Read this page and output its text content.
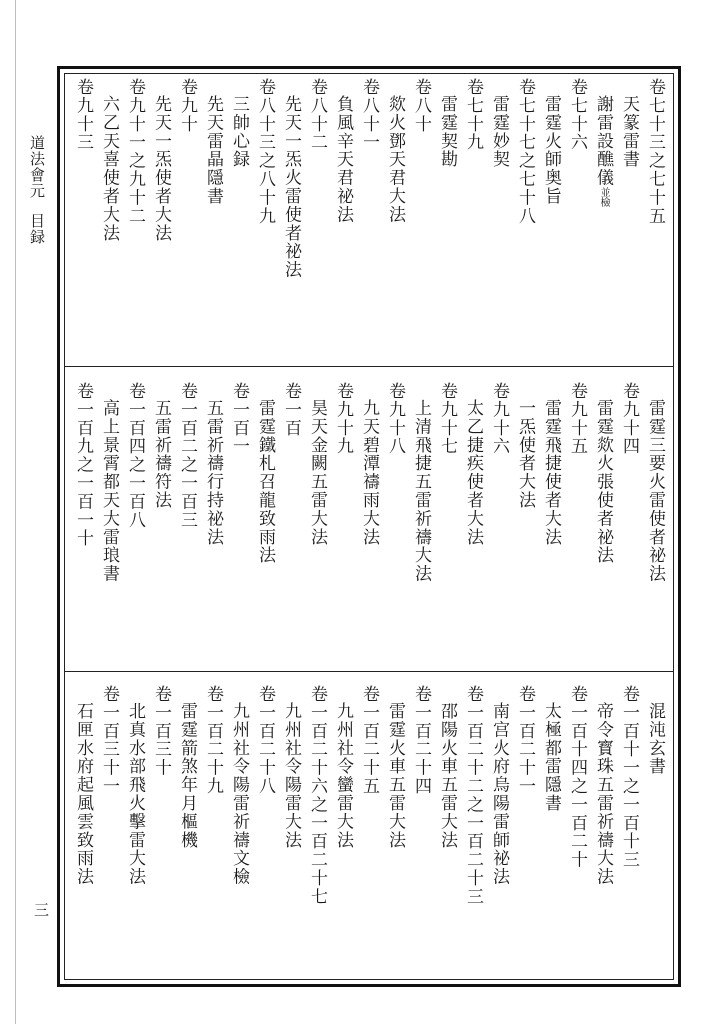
道法會元目録
三
卷七十三之七十五
天篆雷書
謝雷設醮儀並檢
卷七十六
雷霆火師奥旨
卷七十七之七十八
雷霆妙契
卷七十九
雷霆契勘
卷八十
欻火鄧天君大法
卷八十一
負風辛天君祕法
卷八十二
先天一炁火雷使者祕法
卷八十三之八十九
三帥心録
先天雷晶隱書
卷九十
先天一炁使者大法
卷九十一之九十二
六乙天喜使者大法
卷九十三
雷霆三要火雷使者祕法
卷九十四
雷霆欻火張使者祕法
卷九十五
雷霆飛捷使者大法
一炁使者大法
卷九十六
太乙捷疾使者大法
卷九十七
上清飛捷五雷祈禱大法
卷九十八
九天碧潭禱雨大法
卷九十九
昊天金闕五雷大法
卷一百
雷霆鐵札召龍致雨法
卷一百一
五雷祈禱行持祕法
卷一百二之一百三
五雷祈禱符法
卷一百四之一百八
高上景霄都天大雷琅書
卷一百九之一百一十
混沌玄書
卷一百十一之一百十三
帝令寳珠五雷祈禱大法
卷一百十四之一百二十
太極都雷隱書
卷一百二十一
南宫火府烏陽雷師祕法
卷一百二十二之一百二十三
邵陽火車五雷大法
卷一百二十四
雷霆火車五雷大法
卷一百二十五
九州社令蠻雷大法
卷一百二十六之一百二十七
九州社令陽雷大法
卷一百二十八
九州社令陽雷祈禱文檢
卷一百二十九
雷霆箭煞年月樞機
卷一百三十
北真水部飛火擊雷大法
卷一百三十一
石匣水府起風雲致雨法
